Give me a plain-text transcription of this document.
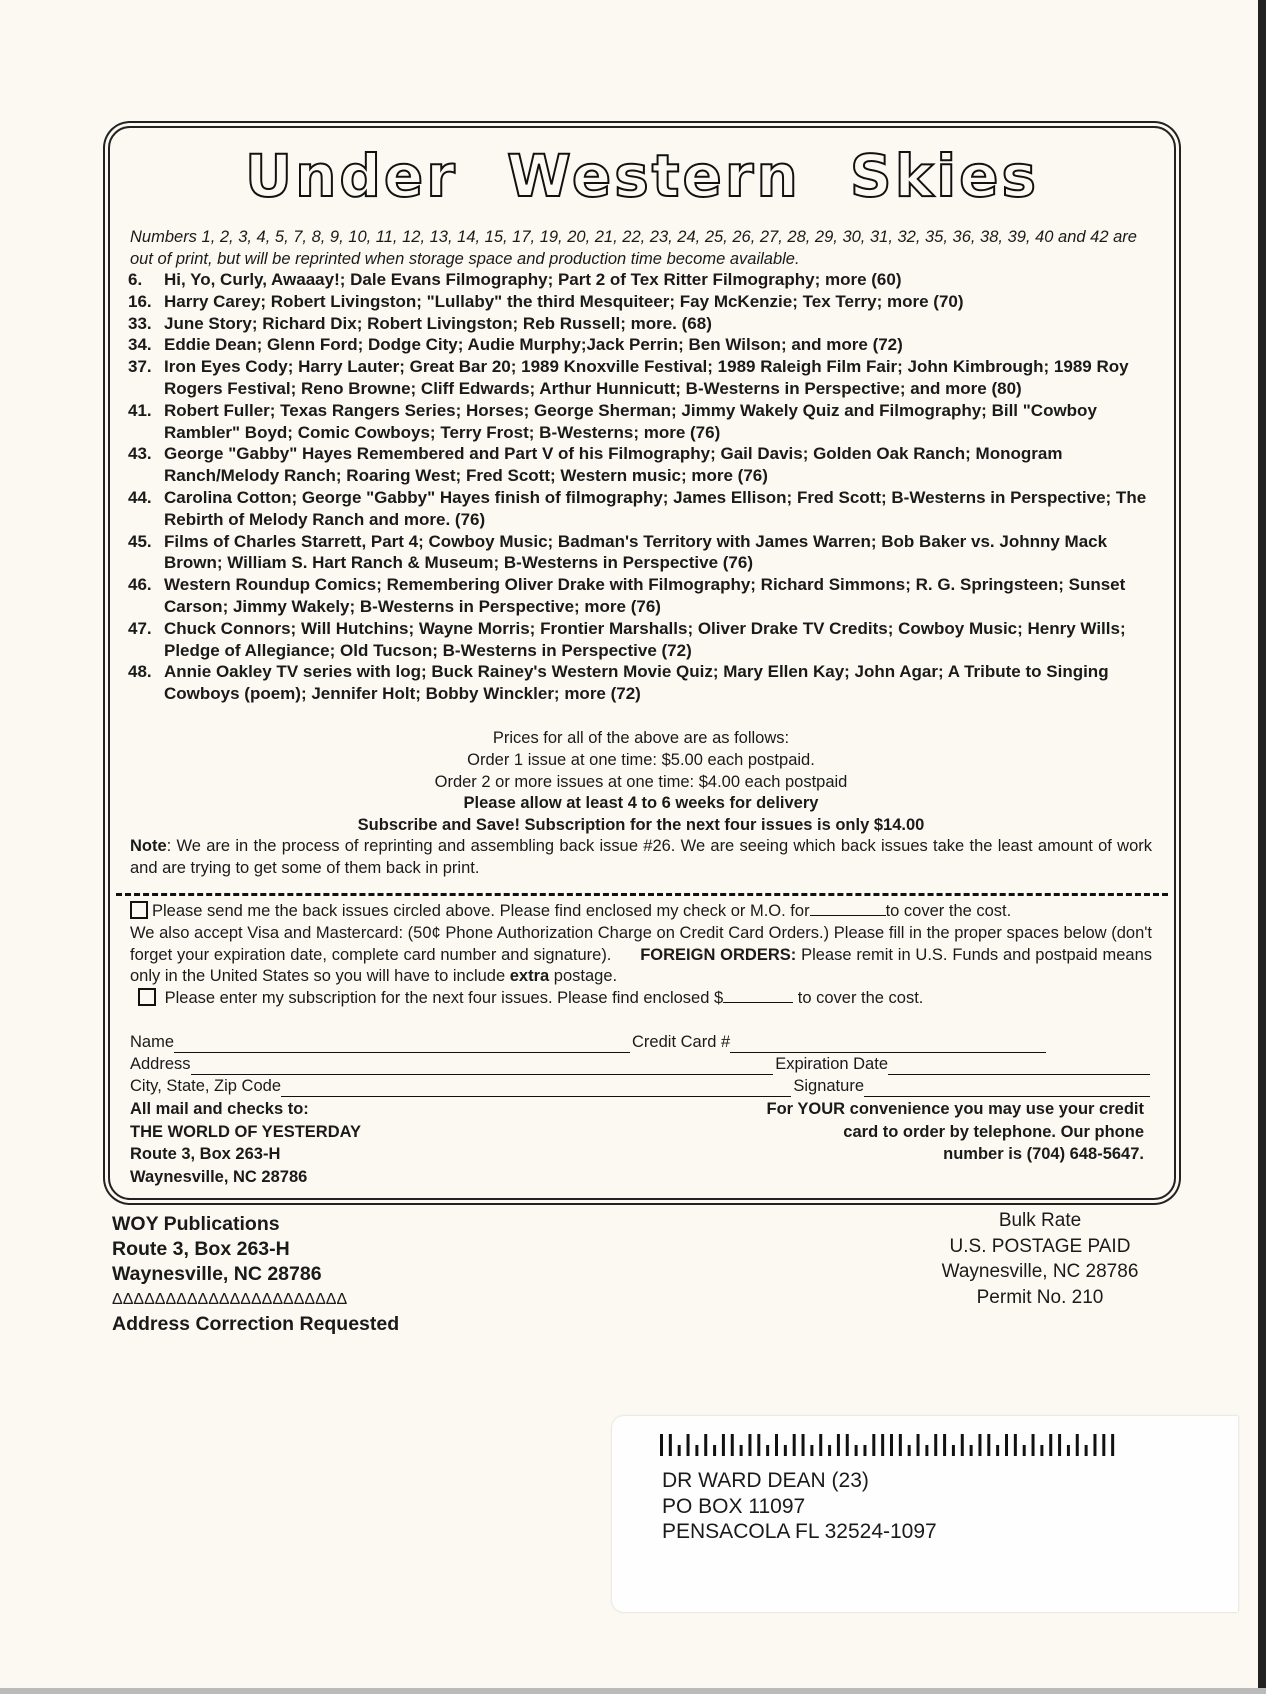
Under Western Skies
Numbers 1, 2, 3, 4, 5, 7, 8, 9, 10, 11, 12, 13, 14, 15, 17, 19, 20, 21, 22, 23, 24, 25, 26, 27, 28, 29, 30, 31, 32, 35, 36, 38, 39, 40 and 42 are out of print, but will be reprinted when storage space and production time become available.
6.	Hi, Yo, Curly, Awaaay!; Dale Evans Filmography; Part 2 of Tex Ritter Filmography; more (60)
16. Harry Carey; Robert Livingston; "Lullaby" the third Mesquiteer; Fay McKenzie; Tex Terry; more (70)
33. June Story; Richard Dix; Robert Livingston; Reb Russell; more. (68)
34. Eddie Dean; Glenn Ford; Dodge City; Audie Murphy;Jack Perrin; Ben Wilson; and more (72)
37. Iron Eyes Cody; Harry Lauter; Great Bar 20; 1989 Knoxville Festival; 1989 Raleigh Film Fair; John Kimbrough; 1989 Roy Rogers Festival; Reno Browne; Cliff Edwards; Arthur Hunnicutt; B-Westerns in Perspective; and more (80)
41. Robert Fuller; Texas Rangers Series; Horses; George Sherman; Jimmy Wakely Quiz and Filmography; Bill "Cowboy Rambler" Boyd; Comic Cowboys; Terry Frost; B-Westerns; more (76)
43. George "Gabby" Hayes Remembered and Part V of his Filmography; Gail Davis; Golden Oak Ranch; Monogram Ranch/Melody Ranch; Roaring West; Fred Scott; Western music; more (76)
44. Carolina Cotton; George "Gabby" Hayes finish of filmography; James Ellison; Fred Scott; B-Westerns in Perspective; The Rebirth of Melody Ranch and more. (76)
45. Films of Charles Starrett, Part 4; Cowboy Music; Badman's Territory with James Warren; Bob Baker vs. Johnny Mack Brown; William S. Hart Ranch & Museum; B-Westerns in Perspective (76)
46. Western Roundup Comics; Remembering Oliver Drake with Filmography; Richard Simmons; R. G. Springsteen; Sunset Carson; Jimmy Wakely; B-Westerns in Perspective; more (76)
47. Chuck Connors; Will Hutchins; Wayne Morris; Frontier Marshalls; Oliver Drake TV Credits; Cowboy Music; Henry Wills; Pledge of Allegiance; Old Tucson; B-Westerns in Perspective (72)
48. Annie Oakley TV series with log; Buck Rainey's Western Movie Quiz; Mary Ellen Kay; John Agar; A Tribute to Singing Cowboys (poem); Jennifer Holt; Bobby Winckler; more (72)
Prices for all of the above are as follows:
Order 1 issue at one time: $5.00 each postpaid.
Order 2 or more issues at one time: $4.00 each postpaid
Please allow at least 4 to 6 weeks for delivery
Subscribe and Save! Subscription for the next four issues is only $14.00
Note: We are in the process of reprinting and assembling back issue #26. We are seeing which back issues take the least amount of work and are trying to get some of them back in print.
Please send me the back issues circled above. Please find enclosed my check or M.O. for	to cover the cost.
We also accept Visa and Mastercard: (50¢ Phone Authorization Charge on Credit Card Orders.) Please fill in the proper spaces below (don't forget your expiration date, complete card number and signature). FOREIGN ORDERS: Please remit in U.S. Funds and postpaid means only in the United States so you will have to include extra postage.
Please enter my subscription for the next four issues. Please find enclosed $	to cover the cost.
Name	Credit Card #
Address	Expiration Date
City, State, Zip Code	Signature
All mail and checks to:
THE WORLD OF YESTERDAY
Route 3, Box 263-H
Waynesville, NC 28786
For YOUR convenience you may use your credit
card to order by telephone. Our phone
number is (704) 648-5647.
WOY Publications
Route 3, Box 263-H
Waynesville, NC 28786
ΔΔΔΔΔΔΔΔΔΔΔΔΔΔΔΔΔΔΔΔΔΔ
Address Correction Requested
Bulk Rate
U.S. POSTAGE PAID
Waynesville, NC 28786
Permit No. 210
DR WARD DEAN (23)
PO BOX 11097
PENSACOLA FL 32524-1097
